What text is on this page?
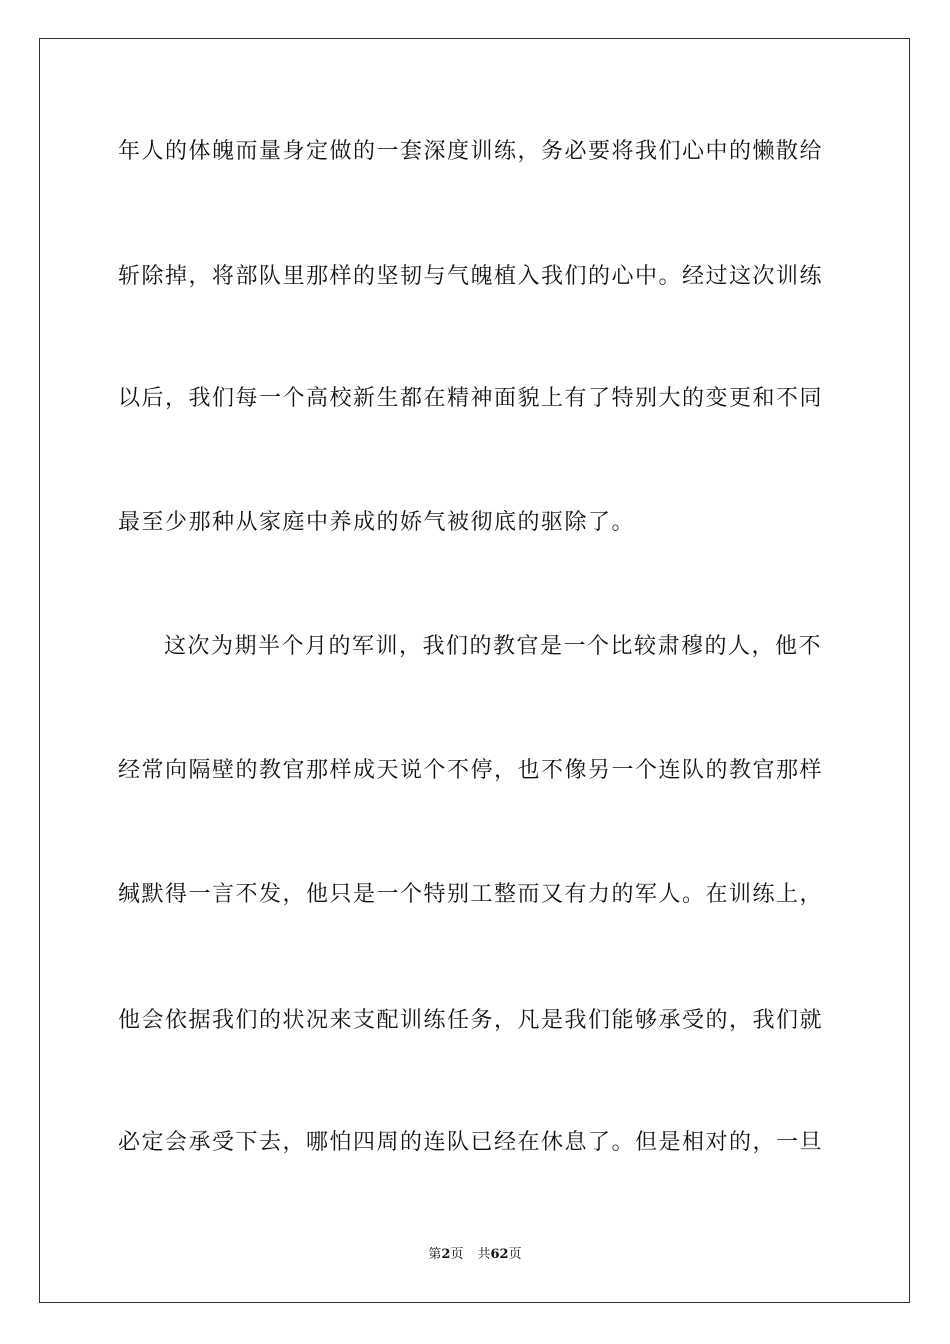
年人的体魄而量身定做的一套深度训练，务必要将我们心中的懒散给
斩除掉，将部队里那样的坚韧与气魄植入我们的心中。经过这次训练
以后，我们每一个高校新生都在精神面貌上有了特别大的变更和不同
最至少那种从家庭中养成的娇气被彻底的驱除了。
这次为期半个月的军训，我们的教官是一个比较肃穆的人，他不
经常向隔壁的教官那样成天说个不停，也不像另一个连队的教官那样
缄默得一言不发，他只是一个特别工整而又有力的军人。在训练上，
他会依据我们的状况来支配训练任务，凡是我们能够承受的，我们就
必定会承受下去，哪怕四周的连队已经在休息了。但是相对的，一旦
第2页 共62页
